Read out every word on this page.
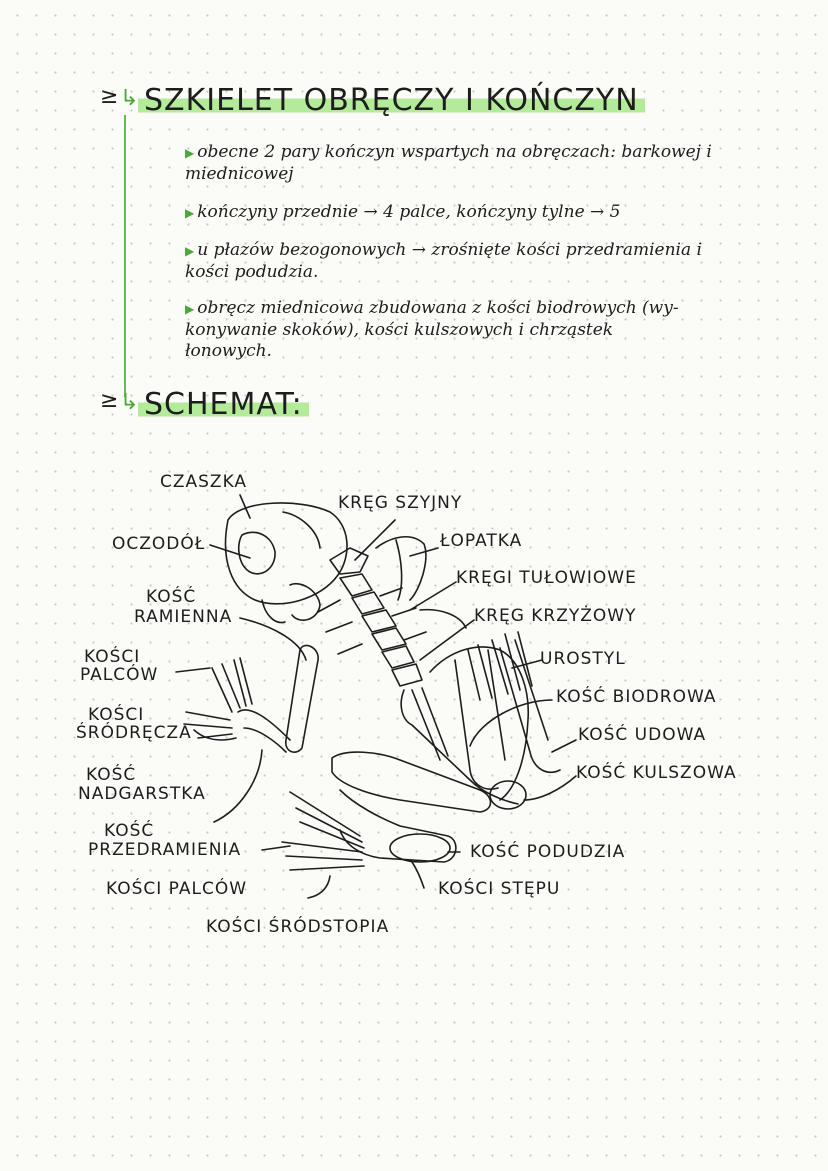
≥ ↳ SZKIELET OBRĘCZY I KOŃCZYN
▶ obecne 2 pary kończyn wspartych na obręczach: barkowej i
miednicowej
▶ kończyny przednie → 4 palce, kończyny tylne → 5
▶ u płazów bezogonowych → zrośnięte kości przedramienia i
kości podudzia.
▶ obręcz miednicowa zbudowana z kości biodrowych (wy-
konywanie skoków), kości kulszowych i chrząstek
łonowych.
≥ ↳ SCHEMAT:
CZASZKA
KRĘG SZYJNY
OCZODÓŁ	ŁOPATKA
KRĘGI TUŁOWIOWE
KOŚĆ
RAMIENNA	KRĘG KRZYŻOWY
KOŚCI
PALCÓW
UROSTYL
KOŚĆ BIODROWA
KOŚCI
ŚRÓDRĘCZA	KOŚĆ UDOWA
KOŚĆ
NADGARSTKA
KOŚĆ KULSZOWA
KOŚĆ
PRZEDRAMIENIA	KOŚĆ PODUDZIA
KOŚCI PALCÓW	KOŚCI STĘPU
KOŚCI ŚRÓDSTOPIA
